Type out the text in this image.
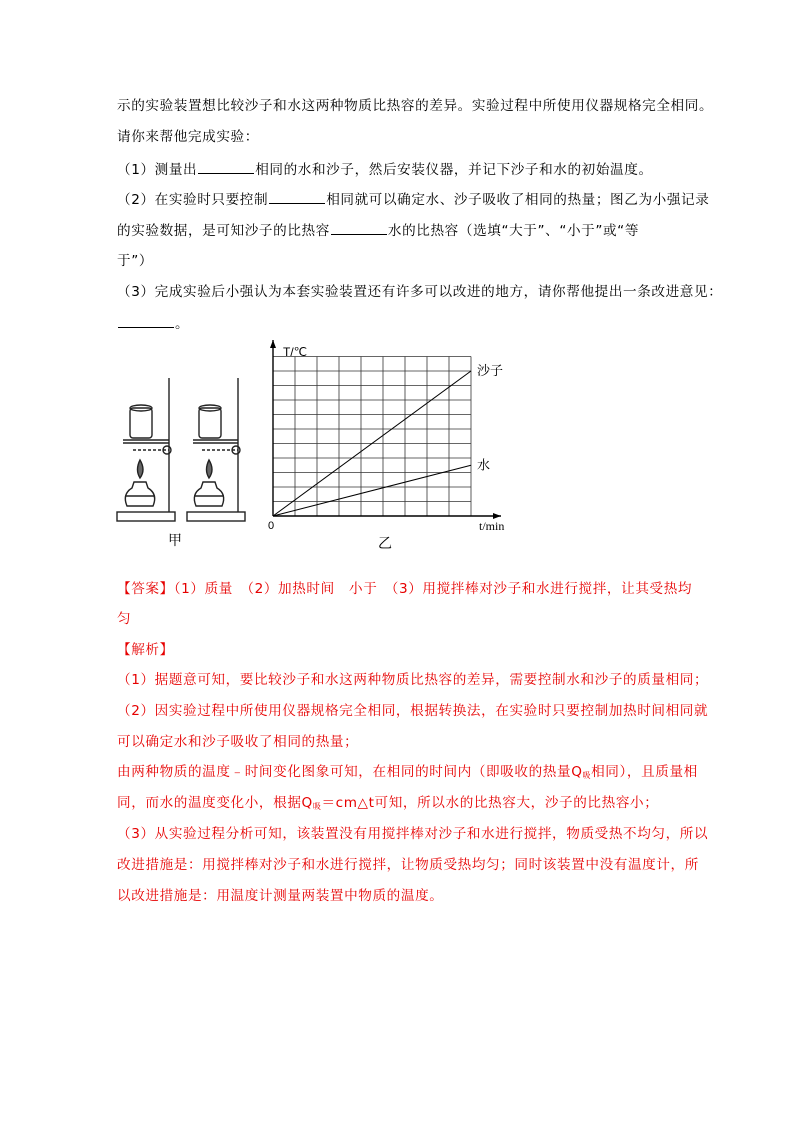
示的实验装置想比较沙子和水这两种物质比热容的差异。实验过程中所使用仪器规格完全相同。
请你来帮他完成实验：
（1）测量出	相同的水和沙子，然后安装仪器，并记下沙子和水的初始温度。
（2）在实验时只要控制	相同就可以确定水、沙子吸收了相同的热量；图乙为小强记录
的实验数据，是可知沙子的比热容	水的比热容（选填“大于”、“小于”或“等
于”）
（3）完成实验后小强认为本套实验装置还有许多可以改进的地方，请你帮他提出一条改进意见：
。
甲
T/℃
t/min
0
沙子
水
乙
【答案】（1）质量　（2）加热时间　小于　（3）用搅拌棒对沙子和水进行搅拌，让其受热均
匀
【解析】
（1）据题意可知，要比较沙子和水这两种物质比热容的差异，需要控制水和沙子的质量相同；
（2）因实验过程中所使用仪器规格完全相同，根据转换法，在实验时只要控制加热时间相同就
可以确定水和沙子吸收了相同的热量；
由两种物质的温度﹣时间变化图象可知，在相同的时间内（即吸收的热量$Q_吸$相同），且质量相
同，而水的温度变化小，根据$Q_吸=cm\triangle t$可知，所以水的比热容大，沙子的比热容小；
（3）从实验过程分析可知，该装置没有用搅拌棒对沙子和水进行搅拌，物质受热不均匀，所以
改进措施是：用搅拌棒对沙子和水进行搅拌，让物质受热均匀；同时该装置中没有温度计，所
以改进措施是：用温度计测量两装置中物质的温度。
